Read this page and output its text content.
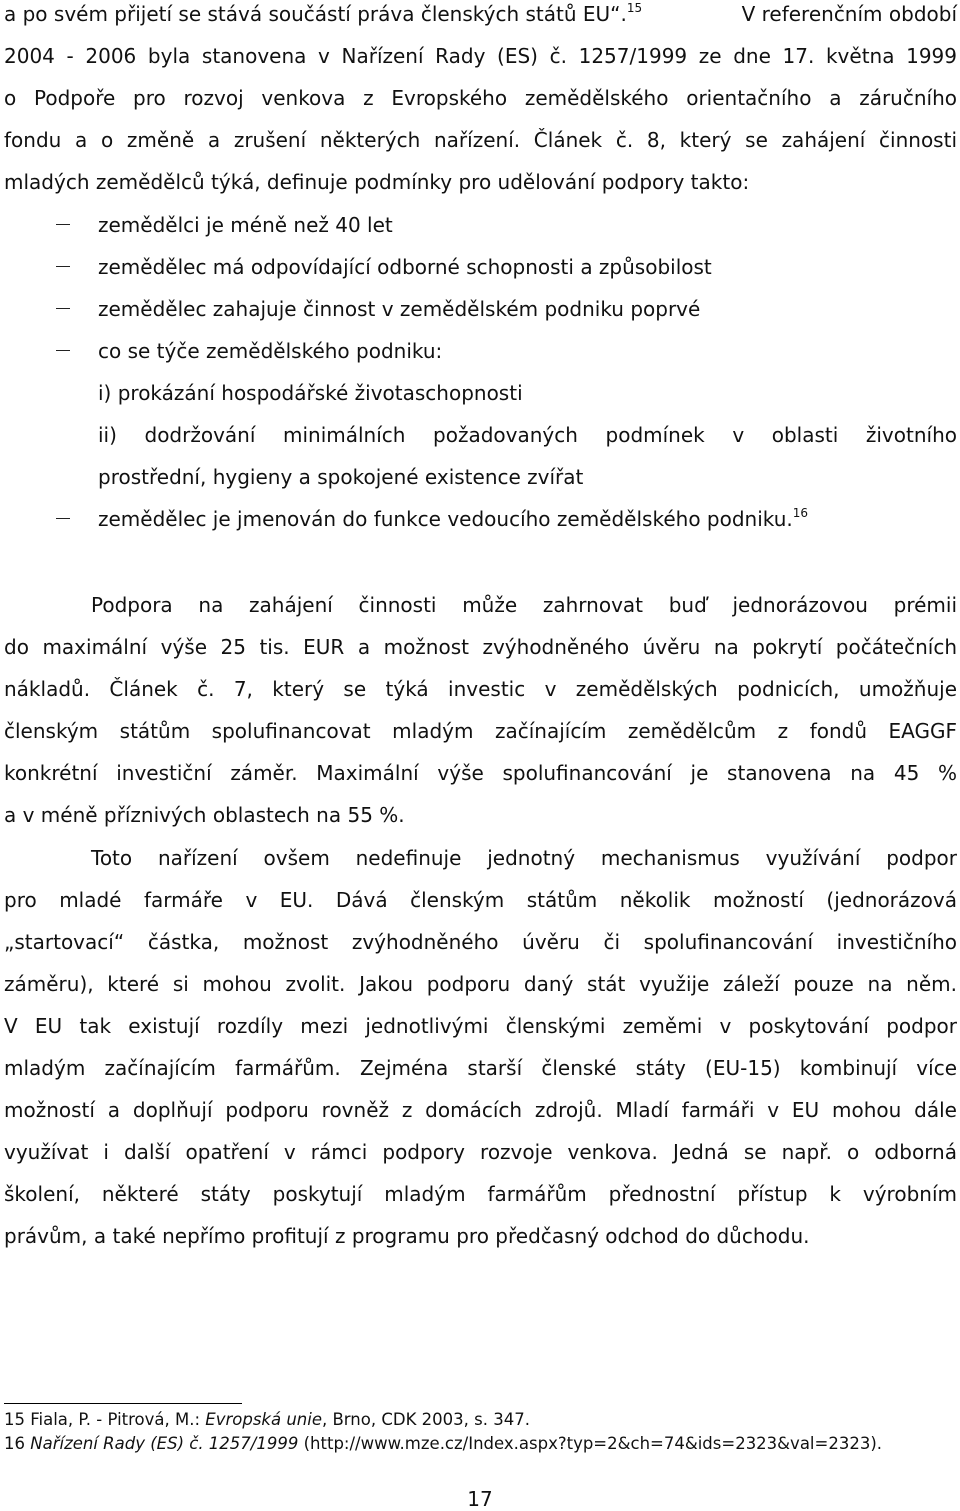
a po svém přijetí se stává součástí práva členských států EU“.$^{15}$	V referenčním období
2004 - 2006 byla stanovena v Nařízení Rady (ES) č. 1257/1999 ze dne 17. května 1999
o Podpoře pro rozvoj venkova z Evropského zemědělského orientačního a záručního
fondu a o změně a zrušení některých nařízení. Článek č. 8, který se zahájení činnosti
mladých zemědělců týká, definuje podmínky pro udělování podpory takto:
zemědělci je méně než 40 let
zemědělec má odpovídající odborné schopnosti a způsobilost
zemědělec zahajuje činnost v zemědělském podniku poprvé
co se týče zemědělského podniku:
i) prokázání hospodářské životaschopnosti
ii) dodržování minimálních požadovaných podmínek v oblasti životního
prostřední, hygieny a spokojené existence zvířat
zemědělec je jmenován do funkce vedoucího zemědělského podniku.$^{16}$
Podpora na zahájení činnosti může zahrnovat buď jednorázovou prémii
do maximální výše 25 tis. EUR a možnost zvýhodněného úvěru na pokrytí počátečních
nákladů. Článek č. 7, který se týká investic v zemědělských podnicích, umožňuje
členským státům spolufinancovat mladým začínajícím zemědělcům z fondů EAGGF
konkrétní investiční záměr. Maximální výše spolufinancování je stanovena na 45 %
a v méně příznivých oblastech na 55 %.
Toto nařízení ovšem nedefinuje jednotný mechanismus využívání podpor
pro mladé farmáře v EU. Dává členským státům několik možností (jednorázová
„startovací“ částka, možnost zvýhodněného úvěru či spolufinancování investičního
záměru), které si mohou zvolit. Jakou podporu daný stát využije záleží pouze na něm.
V EU tak existují rozdíly mezi jednotlivými členskými zeměmi v poskytování podpor
mladým začínajícím farmářům. Zejména starší členské státy (EU-15) kombinují více
možností a doplňují podporu rovněž z domácích zdrojů. Mladí farmáři v EU mohou dále
využívat i další opatření v rámci podpory rozvoje venkova. Jedná se např. o odborná
školení, některé státy poskytují mladým farmářům přednostní přístup k výrobním
právům, a také nepřímo profitují z programu pro předčasný odchod do důchodu.
15 Fiala, P. - Pitrová, M.: Evropská unie, Brno, CDK 2003, s. 347.
16 Nařízení Rady (ES) č. 1257/1999 (http://www.mze.cz/Index.aspx?typ=2&ch=74&ids=2323&val=2323).
17
